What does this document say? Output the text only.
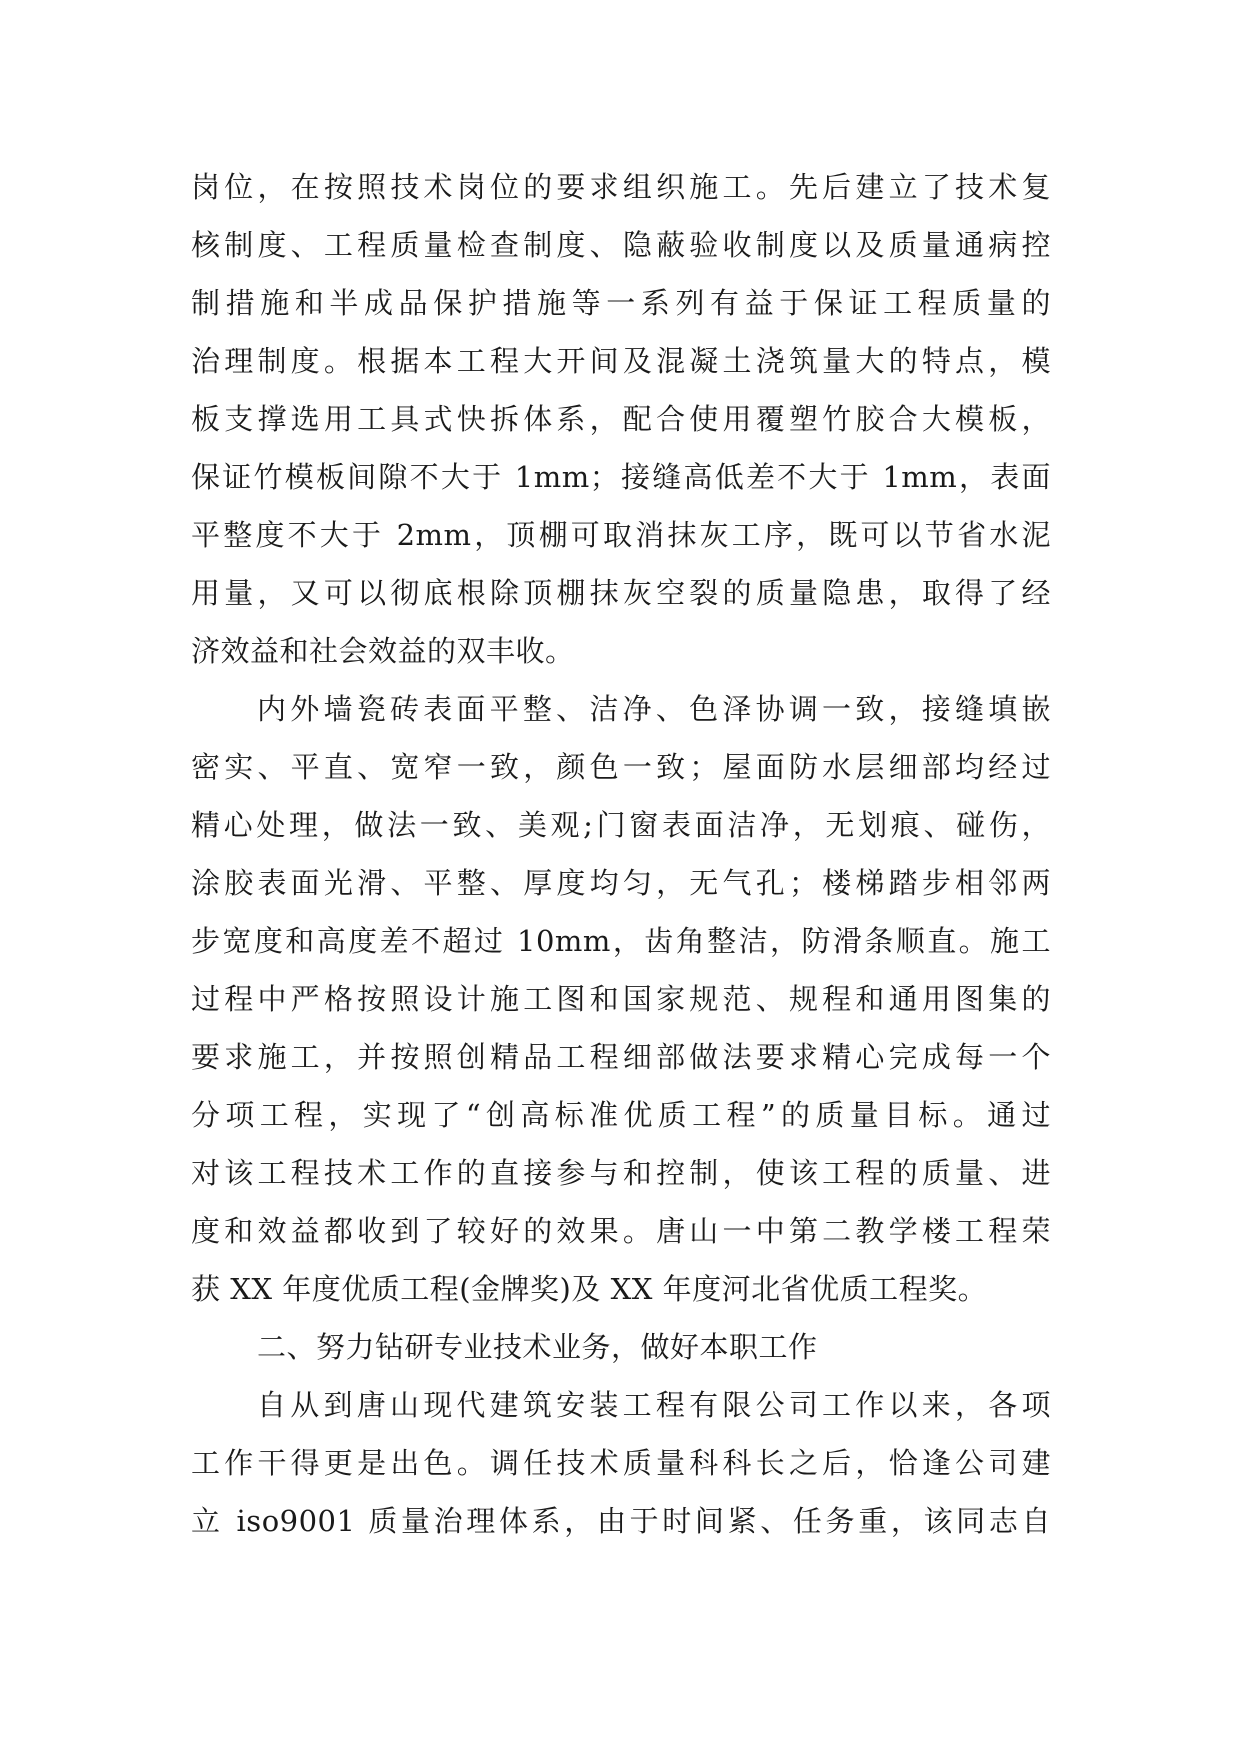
岗位，在按照技术岗位的要求组织施工。先后建立了技术复
核制度、工程质量检查制度、隐蔽验收制度以及质量通病控
制措施和半成品保护措施等一系列有益于保证工程质量的
治理制度。根据本工程大开间及混凝土浇筑量大的特点，模
板支撑选用工具式快拆体系，配合使用覆塑竹胶合大模板，
保证竹模板间隙不大于 1mm；接缝高低差不大于 1mm，表面
平整度不大于 2mm，顶棚可取消抹灰工序，既可以节省水泥
用量，又可以彻底根除顶棚抹灰空裂的质量隐患，取得了经
济效益和社会效益的双丰收。
内外墙瓷砖表面平整、洁净、色泽协调一致，接缝填嵌
密实、平直、宽窄一致，颜色一致；屋面防水层细部均经过
精心处理，做法一致、美观;门窗表面洁净，无划痕、碰伤，
涂胶表面光滑、平整、厚度均匀，无气孔；楼梯踏步相邻两
步宽度和高度差不超过 10mm，齿角整洁，防滑条顺直。施工
过程中严格按照设计施工图和国家规范、规程和通用图集的
要求施工，并按照创精品工程细部做法要求精心完成每一个
分项工程，实现了“创高标准优质工程”的质量目标。通过
对该工程技术工作的直接参与和控制，使该工程的质量、进
度和效益都收到了较好的效果。唐山一中第二教学楼工程荣
获 XX 年度优质工程(金牌奖)及 XX 年度河北省优质工程奖。
二、努力钻研专业技术业务，做好本职工作
自从到唐山现代建筑安装工程有限公司工作以来，各项
工作干得更是出色。调任技术质量科科长之后，恰逢公司建
立 iso9001 质量治理体系，由于时间紧、任务重，该同志自
